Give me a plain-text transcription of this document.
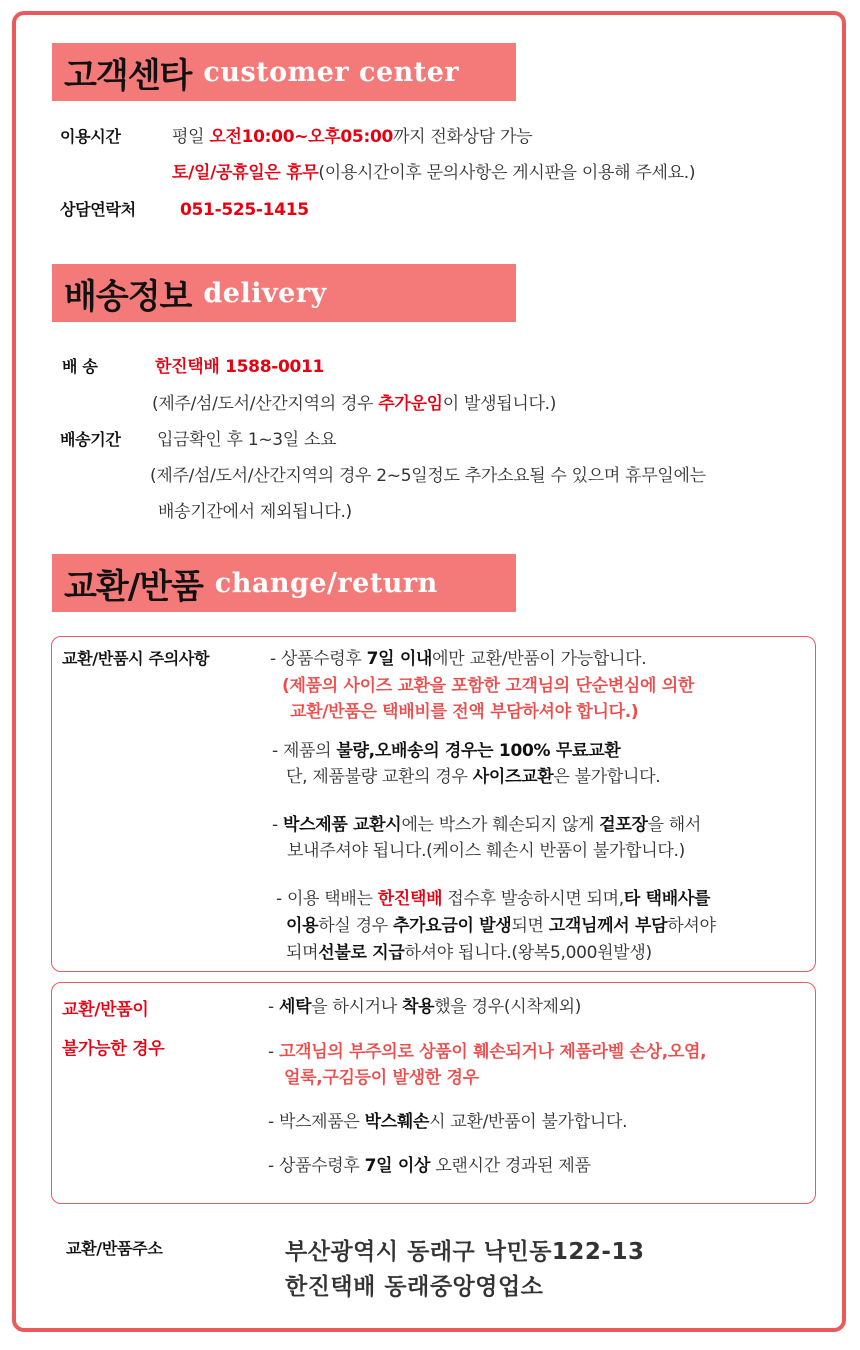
고객센타 customer center
이용시간	평일 오전10:00~오후05:00까지 전화상담 가능
토/일/공휴일은 휴무(이용시간이후 문의사항은 게시판을 이용해 주세요.)
상담연락처	051-525-1415
배송정보 delivery
배 송	한진택배 1588-0011
(제주/섬/도서/산간지역의 경우 추가운임이 발생됩니다.)
배송기간 입금확인 후 1~3일 소요
(제주/섬/도서/산간지역의 경우 2~5일정도 추가소요될 수 있으며 휴무일에는
배송기간에서 제외됩니다.)
교환/반품 change/return
교환/반품시 주의사항	- 상품수령후 7일 이내에만 교환/반품이 가능합니다.
(제품의 사이즈 교환을 포함한 고객님의 단순변심에 의한
교환/반품은 택배비를 전액 부담하셔야 합니다.)
- 제품의 불량,오배송의 경우는 100% 무료교환
단, 제품불량 교환의 경우 사이즈교환은 불가합니다.
- 박스제품 교환시에는 박스가 훼손되지 않게 겉포장을 해서
보내주셔야 됩니다.(케이스 훼손시 반품이 불가합니다.)
- 이용 택배는 한진택배 접수후 발송하시면 되며,타 택배사를
이용하실 경우 추가요금이 발생되면 고객님께서 부담하셔야
되며선불로 지급하셔야 됩니다.(왕복5,000원발생)
교환/반품이
불가능한 경우
- 세탁을 하시거나 착용했을 경우(시착제외)
- 고객님의 부주의로 상품이 훼손되거나 제품라벨 손상,오염,
얼룩,구김등이 발생한 경우
- 박스제품은 박스훼손시 교환/반품이 불가합니다.
- 상품수령후 7일 이상 오랜시간 경과된 제품
교환/반품주소	부산광역시 동래구 낙민동122-13
한진택배 동래중앙영업소
